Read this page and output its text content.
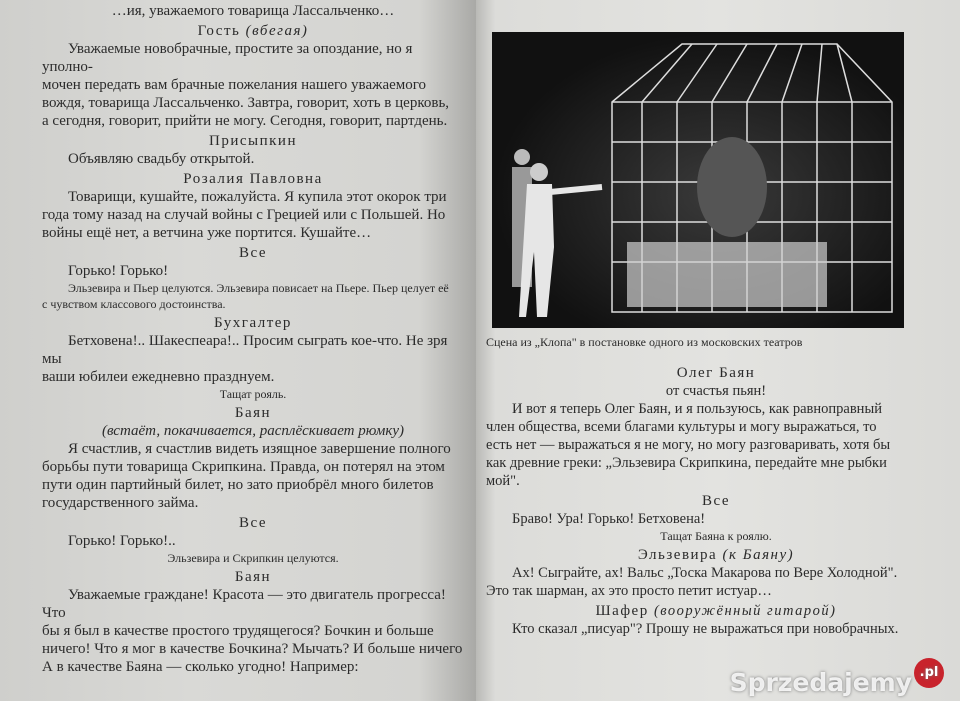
…ия, уважаемого товарища Лассальченко…
Гость (вбегая)
Уважаемые новобрачные, простите за опоздание, но я уполно-
мочен передать вам брачные пожелания нашего уважаемого
вождя, товарища Лассальченко. Завтра, говорит, хоть в церковь,
а сегодня, говорит, прийти не могу. Сегодня, говорит, партдень.
Присыпкин
Объявляю свадьбу открытой.
Розалия Павловна
Товарищи, кушайте, пожалуйста. Я купила этот окорок три
года тому назад на случай войны с Грецией или с Польшей. Но
войны ещё нет, а ветчина уже портится. Кушайте…
Все
Горько! Горько!
Эльзевира и Пьер целуются. Эльзевира повисает на Пьере. Пьер целует её
с чувством классового достоинства.
Бухгалтер
Бетховена!.. Шакеспеара!.. Просим сыграть кое-что. Не зря мы
ваши юбилеи ежедневно празднуем.
Тащат рояль.
Баян
(встаёт, покачивается, расплёскивает рюмку)
Я счастлив, я счастлив видеть изящное завершение полного
борьбы пути товарища Скрипкина. Правда, он потерял на этом
пути один партийный билет, но зато приобрёл много билетов
государственного займа.
Все
Горько! Горько!..
Эльзевира и Скрипкин целуются.
Баян
Уважаемые граждане! Красота — это двигатель прогресса! Что
бы я был в качестве простого трудящегося? Бочкин и больше
ничего! Что я мог в качестве Бочкина? Мычать? И больше ничего
А в качестве Баяна — сколько угодно! Например:
Сцена из „Клопа" в постановке одного из московских театров
Олег Баян
от счастья пьян!
И вот я теперь Олег Баян, и я пользуюсь, как равноправный
член общества, всеми благами культуры и могу выражаться, то
есть нет — выражаться я не могу, но могу разговаривать, хотя бы
как древние греки: „Эльзевира Скрипкина, передайте мне рыбки
мой".
Все
Браво! Ура! Горько! Бетховена!
Тащат Баяна к роялю.
Эльзевира (к Баяну)
Ах! Сыграйте, ах! Вальс „Тоска Макарова по Вере Холодной".
Это так шарман, ах это просто петит истуар…
Шафер (вооружённый гитарой)
Кто сказал „писуар"? Прошу не выражаться при новобрачных.
Sprzedajemy .pl
